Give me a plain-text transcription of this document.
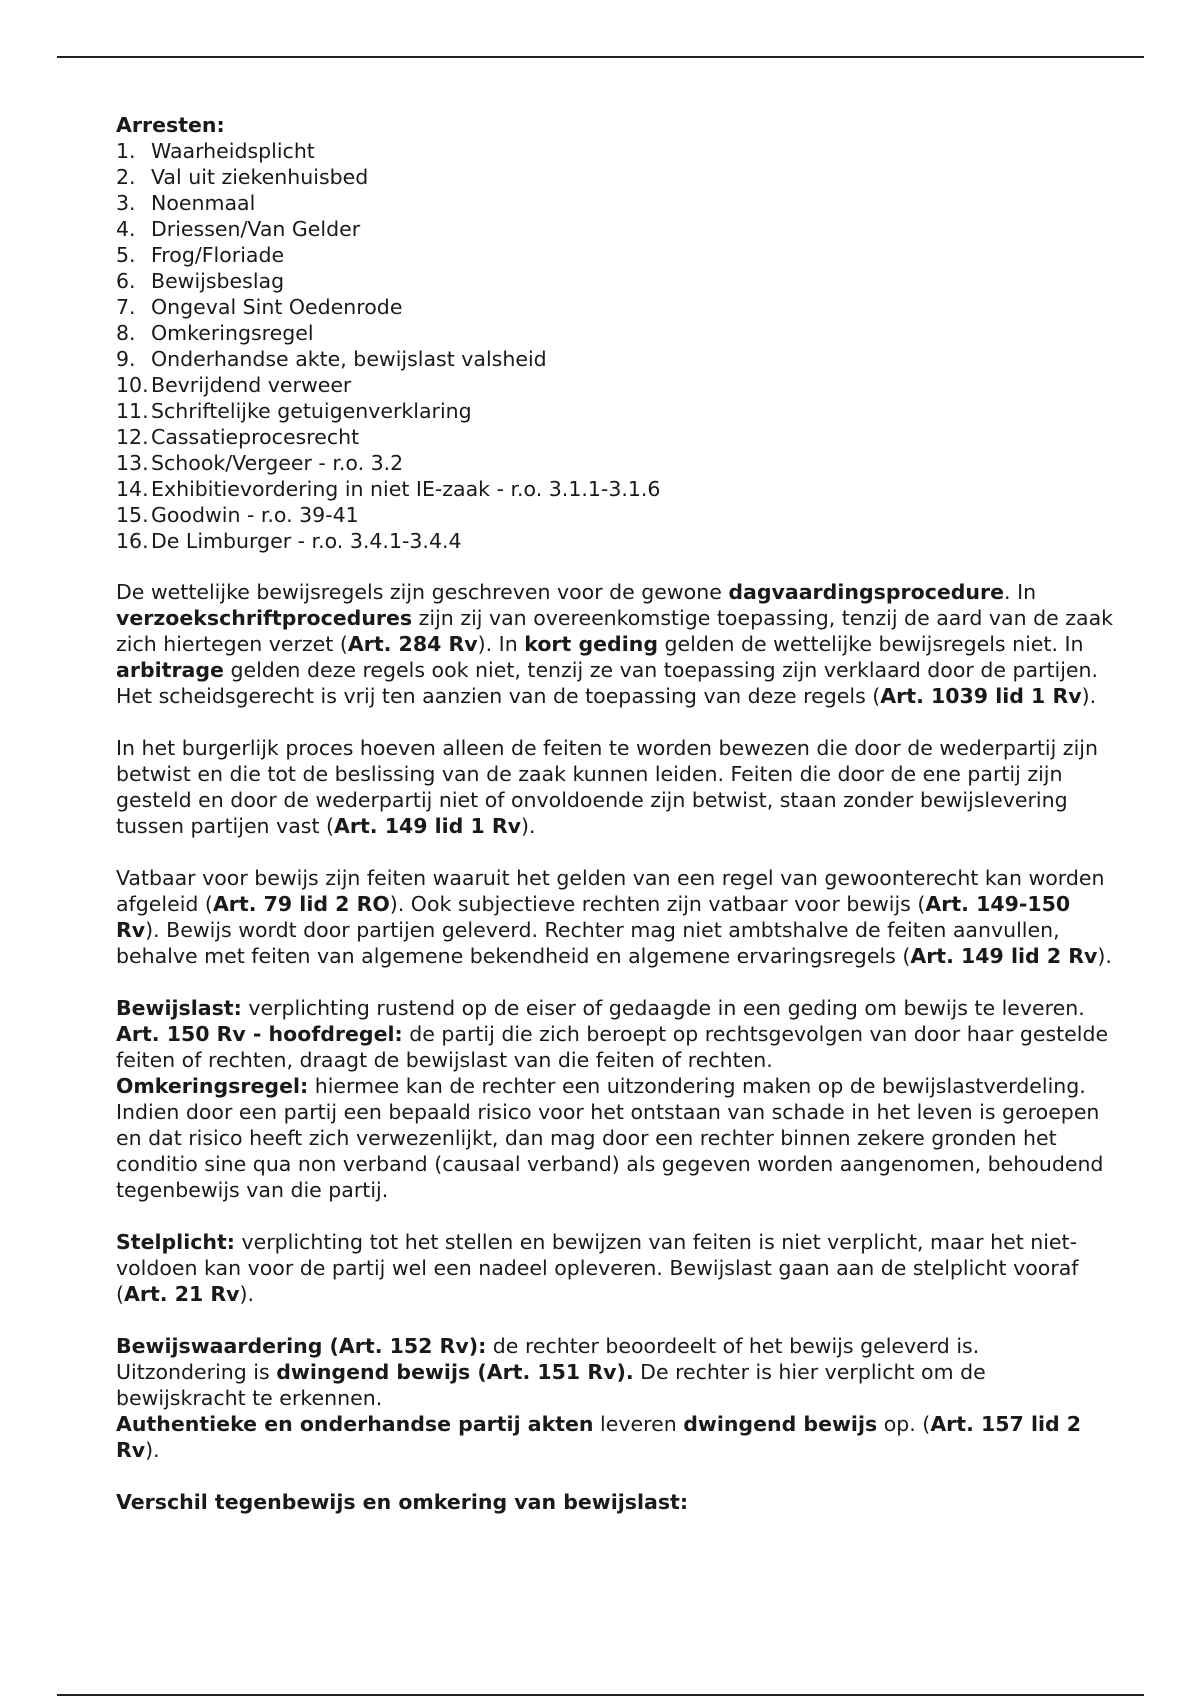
Arresten:

1. Waarheidsplicht
2. Val uit ziekenhuisbed
3. Noenmaal
4. Driessen/Van Gelder
5. Frog/Floriade
6. Bewijsbeslag
7. Ongeval Sint Oedenrode
8. Omkeringsregel
9. Onderhandse akte, bewijslast valsheid
10. Bevrijdend verweer
11. Schriftelijke getuigenverklaring
12. Cassatieprocesrecht
13. Schook/Vergeer - r.o. 3.2
14. Exhibitievordering in niet IE-zaak - r.o. 3.1.1-3.1.6
15. Goodwin - r.o. 39-41
16. De Limburger - r.o. 3.4.1-3.4.4

De wettelijke bewijsregels zijn geschreven voor de gewone dagvaardingsprocedure. In verzoekschriftprocedures zijn zij van overeenkomstige toepassing, tenzij de aard van de zaak zich hiertegen verzet (Art. 284 Rv). In kort geding gelden de wettelijke bewijsregels niet. In arbitrage gelden deze regels ook niet, tenzij ze van toepassing zijn verklaard door de partijen. Het scheidsgerecht is vrij ten aanzien van de toepassing van deze regels (Art. 1039 lid 1 Rv).

In het burgerlijk proces hoeven alleen de feiten te worden bewezen die door de wederpartij zijn betwist en die tot de beslissing van de zaak kunnen leiden. Feiten die door de ene partij zijn gesteld en door de wederpartij niet of onvoldoende zijn betwist, staan zonder bewijslevering tussen partijen vast (Art. 149 lid 1 Rv).

Vatbaar voor bewijs zijn feiten waaruit het gelden van een regel van gewoonterecht kan worden afgeleid (Art. 79 lid 2 RO). Ook subjectieve rechten zijn vatbaar voor bewijs (Art. 149-150 Rv). Bewijs wordt door partijen geleverd. Rechter mag niet ambtshalve de feiten aanvullen, behalve met feiten van algemene bekendheid en algemene ervaringsregels (Art. 149 lid 2 Rv).

Bewijslast: verplichting rustend op de eiser of gedaagde in een geding om bewijs te leveren. Art. 150 Rv - hoofdregel: de partij die zich beroept op rechtsgevolgen van door haar gestelde feiten of rechten, draagt de bewijslast van die feiten of rechten.

Omkeringsregel: hiermee kan de rechter een uitzondering maken op de bewijslastverdeling. Indien door een partij een bepaald risico voor het ontstaan van schade in het leven is geroepen en dat risico heeft zich verwezenlijkt, dan mag door een rechter binnen zekere gronden het conditio sine qua non verband (causaal verband) als gegeven worden aangenomen, behoudend tegenbewijs van die partij.

Stelplicht: verplichting tot het stellen en bewijzen van feiten is niet verplicht, maar het niet-voldoen kan voor de partij wel een nadeel opleveren. Bewijslast gaan aan de stelplicht vooraf (Art. 21 Rv).

Bewijswaardering (Art. 152 Rv): de rechter beoordeelt of het bewijs geleverd is. Uitzondering is dwingend bewijs (Art. 151 Rv). De rechter is hier verplicht om de bewijskracht te erkennen.

Authentieke en onderhandse partij akten leveren dwingend bewijs op. (Art. 157 lid 2 Rv).

Verschil tegenbewijs en omkering van bewijslast:
